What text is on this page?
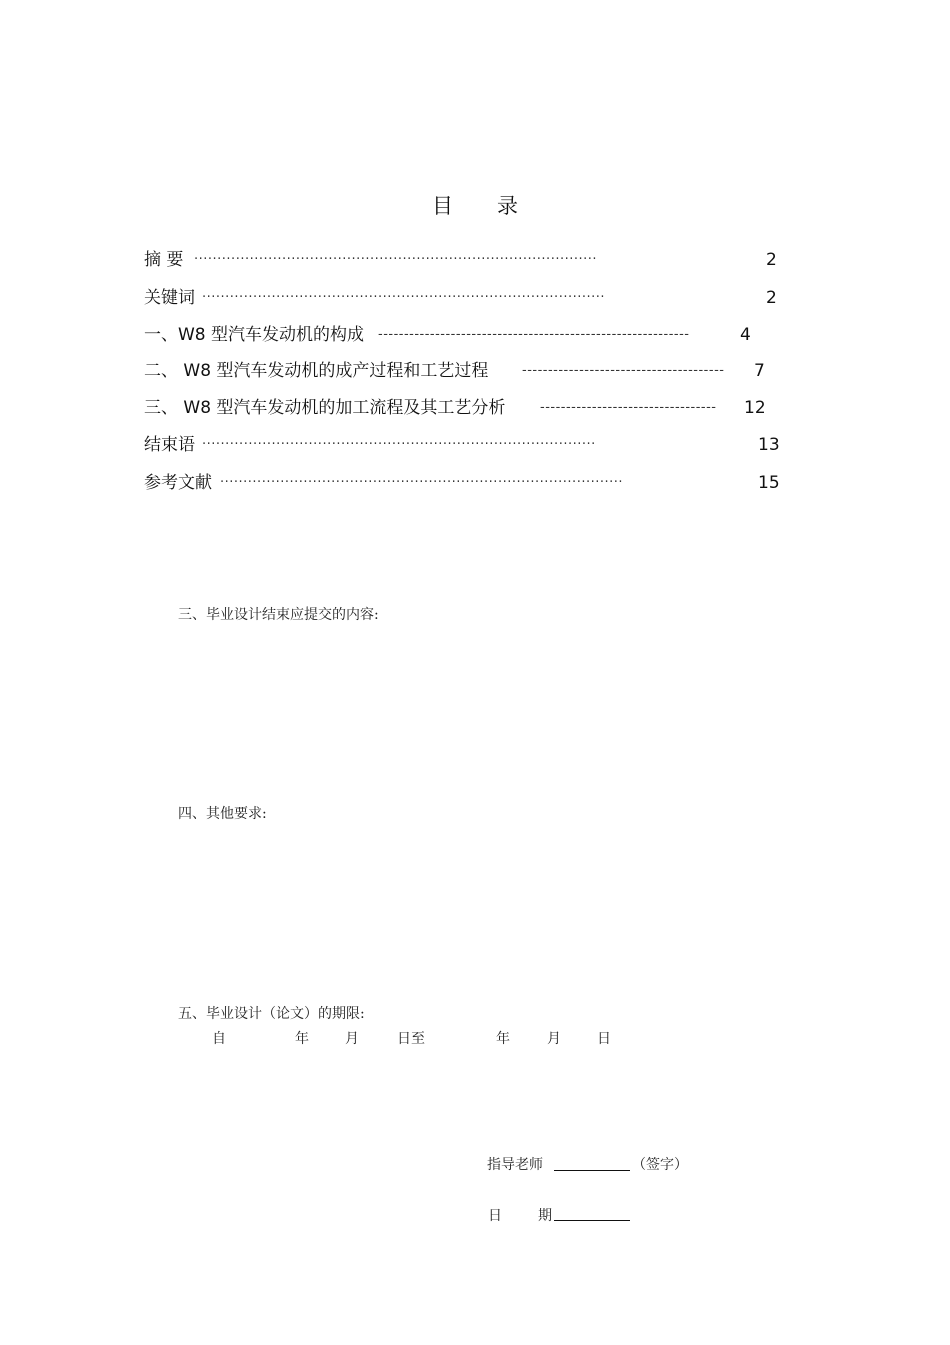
目录
摘 要 ·······················································································	2
关键词 ·······················································································	2
一、W8 型汽车发动机的构成 ------------------------------------------------------------	4
二、 W8 型汽车发动机的成产过程和工艺过程	---------------------------------------	7
三、 W8 型汽车发动机的加工流程及其工艺分析	----------------------------------	12
结束语 ·····················································································	13
参考文献 ·······················································································	15
三、毕业设计结束应提交的内容:
四、其他要求:
五、毕业设计（论文）的期限:
自	年	月	日至	年	月	日
指导老师	（签字）
日	期
